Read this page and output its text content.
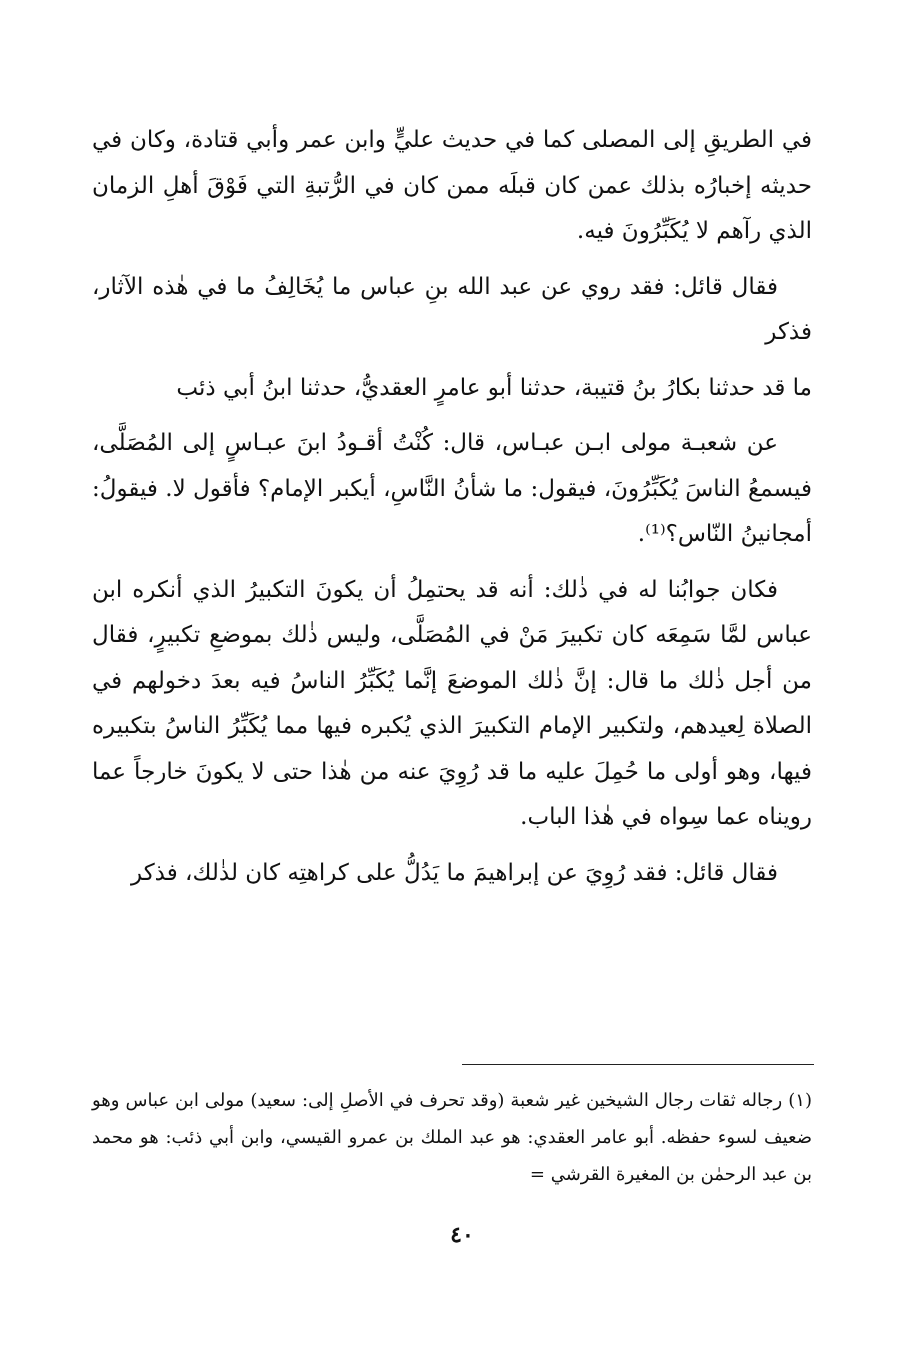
في الطريقِ إلى المصلى كما في حديث عليٍّ وابن عمر وأبي قتادة، وكان في حديثه إخبارُه بذلك عمن كان قبلَه ممن كان في الرُّتبةِ التي فَوْقَ أهلِ الزمان الذي رآهم لا يُكَبِّرُونَ فيه.

فقال قائل: فقد روي عن عبد الله بنِ عباس ما يُخَالِفُ ما في هٰذه الآثار، فذكر

ما قد حدثنا بكارُ بنُ قتيبة، حدثنا أبو عامرٍ العقديُّ، حدثنا ابنُ أبي ذئب

عن شعبـة مولى ابـن عبـاس، قال: كُنْتُ أقـودُ ابنَ عبـاسٍ إلى المُصَلَّى، فيسمعُ الناسَ يُكَبِّرُونَ، فيقول: ما شأنُ النَّاسِ، أيكبر الإمام؟ فأقول لا. فيقولُ: أمجانينُ النّاس؟⁽¹⁾.

فكان جوابُنا له في ذٰلك: أنه قد يحتمِلُ أن يكونَ التكبيرُ الذي أنكره ابن عباس لمَّا سَمِعَه كان تكبيرَ مَنْ في المُصَلَّى، وليس ذٰلك بموضعِ تكبيرٍ، فقال من أجل ذٰلك ما قال: إنَّ ذٰلك الموضعَ إنَّما يُكَبِّرُ الناسُ فيه بعدَ دخولهم في الصلاة لِعيدهم، ولتكبير الإمام التكبيرَ الذي يُكبره فيها مما يُكَبِّرُ الناسُ بتكبيره فيها، وهو أولى ما حُمِلَ عليه ما قد رُوِيَ عنه من هٰذا حتى لا يكونَ خارجاً عما رويناه عما سِواه في هٰذا الباب.

فقال قائل: فقد رُوِيَ عن إبراهيمَ ما يَدُلُّ على كراهتِه كان لذٰلك، فذكر

(١) رجاله ثقات رجال الشيخين غير شعبة (وقد تحرف في الأصلِ إلى: سعيد) مولى ابن عباس وهو ضعيف لسوء حفظه. أبو عامر العقدي: هو عبد الملك بن عمرو القيسي، وابن أبي ذئب: هو محمد بن عبد الرحمٰن بن المغيرة القرشي =

٤٠
